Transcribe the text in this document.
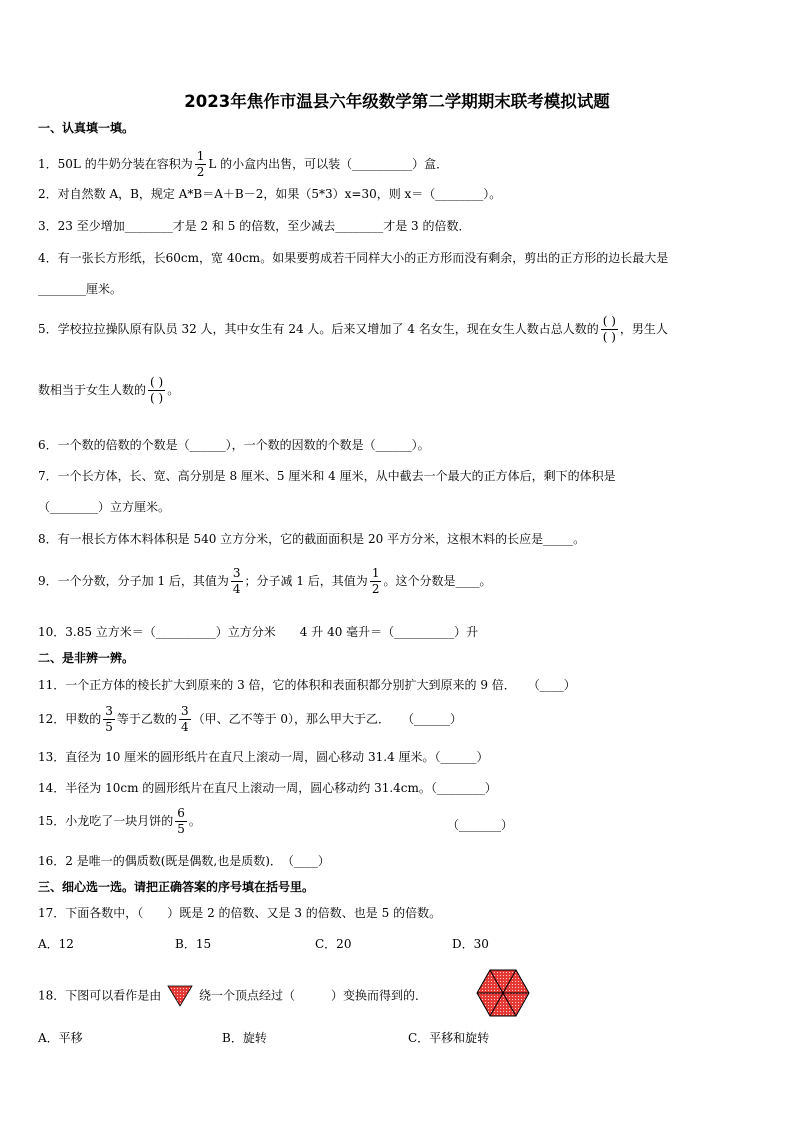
2023年焦作市温县六年级数学第二学期期末联考模拟试题
一、认真填一填。
1．50L 的牛奶分装在容积为 $\frac{1}{2}$ L 的小盒内出售，可以装（__________）盒．
2．对自然数 A，B，规定 A*B＝A＋B－2，如果（5*3）x=30，则 x＝（________）。
3．23 至少增加________才是 2 和 5 的倍数，至少减去________才是 3 的倍数．
4．有一张长方形纸，长60cm，宽 40cm。如果要剪成若干同样大小的正方形而没有剩余，剪出的正方形的边长最大是
________厘米。
5．学校拉拉操队原有队员 32 人，其中女生有 24 人。后来又增加了 4 名女生，现在女生人数占总人数的 $\frac{( )}{( )}$ ，男生人
数相当于女生人数的 $\frac{( )}{( )}$ 。
6．一个数的倍数的个数是（______），一个数的因数的个数是（______）。
7．一个长方体，长、宽、高分别是 8 厘米、5 厘米和 4 厘米，从中截去一个最大的正方体后，剩下的体积是
（________）立方厘米。
8．有一根长方体木料体积是 540 立方分米，它的截面面积是 20 平方分米，这根木料的长应是_____。
9．一个分数，分子加 1 后，其值为 $\frac{3}{4}$ ；分子减 1 后，其值为 $\frac{1}{2}$ 。这个分数是____。
10．3.85 立方米＝（__________）立方分米　　4 升 40 毫升＝（__________）升
二、是非辨一辨。
11．一个正方体的棱长扩大到原来的 3 倍，它的体积和表面积都分别扩大到原来的 9 倍．　　（____）
12．甲数的 $\frac{3}{5}$ 等于乙数的 $\frac{3}{4}$ （甲、乙不等于 0），那么甲大于乙．　　（______）
13．直径为 10 厘米的圆形纸片在直尺上滚动一周，圆心移动 31.4 厘米。（______）
14．半径为 10cm 的圆形纸片在直尺上滚动一周，圆心移动约 31.4cm。（________）
15．小龙吃了一块月饼的 $\frac{6}{5}$ 。	（_______）
16．2 是唯一的偶质数(既是偶数,也是质数)．　（____）
三、细心选一选。请把正确答案的序号填在括号里。
17．下面各数中，（　　）既是 2 的倍数、又是 3 的倍数、也是 5 的倍数。
A．12	B．15	C．20	D．30
18．下图可以看作是由	绕一个顶点经过（　　　）变换而得到的．
A．平移	B．旋转	C．平移和旋转
